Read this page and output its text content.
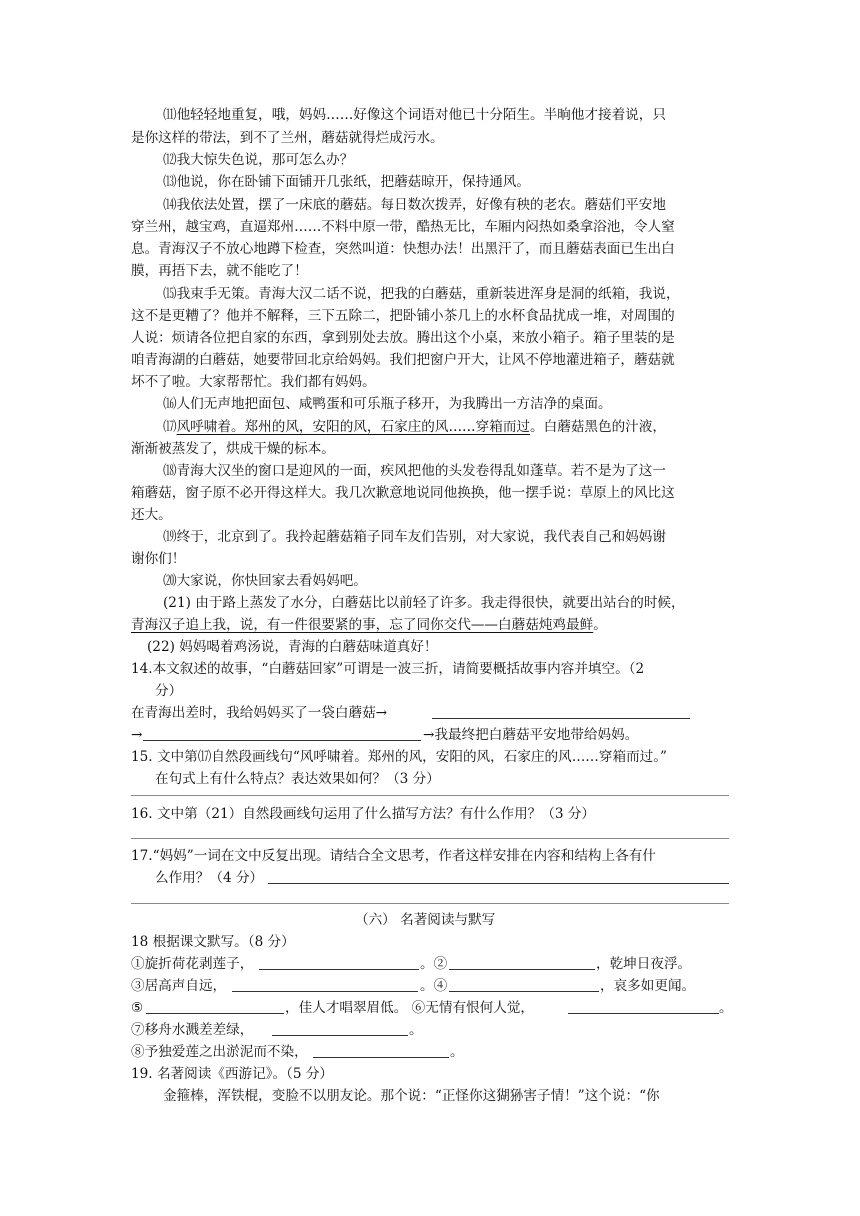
⑾他轻轻地重复，哦，妈妈……好像这个词语对他已十分陌生。半晌他才接着说，只
是你这样的带法，到不了兰州，蘑菇就得烂成污水。
⑿我大惊失色说，那可怎么办？
⒀他说，你在卧铺下面铺开几张纸，把蘑菇晾开，保持通风。
⒁我依法处置，摆了一床底的蘑菇。每日数次拨弄，好像有秧的老农。蘑菇们平安地
穿兰州，越宝鸡，直逼郑州……不料中原一带，酷热无比，车厢内闷热如桑拿浴池，令人窒
息。青海汉子不放心地蹲下检查，突然叫道：快想办法！出黑汗了，而且蘑菇表面已生出白
膜，再捂下去，就不能吃了！
⒂我束手无策。青海大汉二话不说，把我的白蘑菇，重新装进浑身是洞的纸箱，我说，
这不是更糟了？他并不解释，三下五除二，把卧铺小茶几上的水杯食品扰成一堆，对周围的
人说：烦请各位把自家的东西，拿到别处去放。腾出这个小桌，来放小箱子。箱子里装的是
咱青海湖的白蘑菇，她要带回北京给妈妈。我们把窗户开大，让风不停地灌进箱子，蘑菇就
坏不了啦。大家帮帮忙。我们都有妈妈。
⒃人们无声地把面包、咸鸭蛋和可乐瓶子移开，为我腾出一方洁净的桌面。
⒄风呼啸着。郑州的风，安阳的风，石家庄的风……穿箱而过。白蘑菇黑色的汁液，
渐渐被蒸发了，烘成干燥的标本。
⒅青海大汉坐的窗口是迎风的一面，疾风把他的头发卷得乱如蓬草。若不是为了这一
箱蘑菇，窗子原不必开得这样大。我几次歉意地说同他换换，他一摆手说：草原上的风比这
还大。
⒆终于，北京到了。我拎起蘑菇箱子同车友们告别，对大家说，我代表自己和妈妈谢
谢你们！
⒇大家说，你快回家去看妈妈吧。
(21) 由于路上蒸发了水分，白蘑菇比以前轻了许多。我走得很快，就要出站台的时候，
青海汉子追上我，说，有一件很要紧的事，忘了同你交代——白蘑菇炖鸡最鲜。
(22) 妈妈喝着鸡汤说，青海的白蘑菇味道真好！
14.本文叙述的故事，“白蘑菇回家”可谓是一波三折，请简要概括故事内容并填空。（2
分）
在青海出差时，我给妈妈买了一袋白蘑菇→
→	→我最终把白蘑菇平安地带给妈妈。
15. 文中第⒄自然段画线句“风呼啸着。郑州的风，安阳的风，石家庄的风……穿箱而过。”
在句式上有什么特点？表达效果如何？（3 分）
16. 文中第（21）自然段画线句运用了什么描写方法？有什么作用？（3 分）
17.“妈妈”一词在文中反复出现。请结合全文思考，作者这样安排在内容和结构上各有什
么作用？（4 分）
（六） 名著阅读与默写
18 根据课文默写。（8 分）
①旋折荷花剥莲子，	。②	，乾坤日夜浮。
③居高声自远，	。④	，哀多如更闻。
⑤	，佳人才唱翠眉低。 ⑥无情有恨何人觉，	。
⑦移舟水溅差差绿，	。
⑧予独爱莲之出淤泥而不染，	。
19. 名著阅读《西游记》。（5 分）
金箍棒，浑铁棍，变脸不以朋友论。那个说：“正怪你这猢狲害子情！”这个说：“你
